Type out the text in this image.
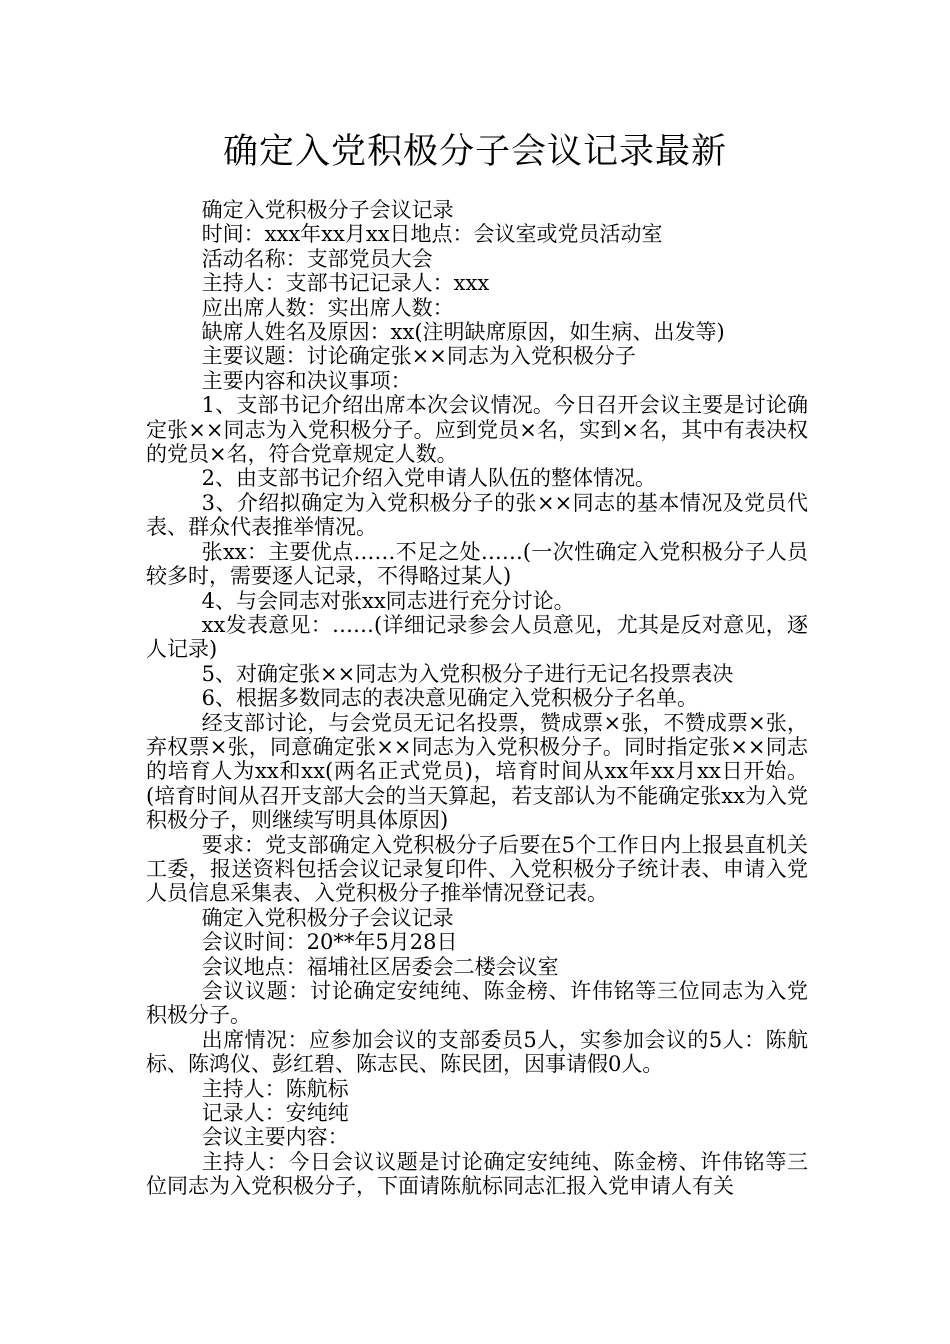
确定入党积极分子会议记录最新

确定入党积极分子会议记录

时间：xxx年xx月xx日地点：会议室或党员活动室

活动名称：支部党员大会

主持人：支部书记记录人：xxx

应出席人数：实出席人数：

缺席人姓名及原因：xx(注明缺席原因，如生病、出发等)

主要议题：讨论确定张××同志为入党积极分子

主要内容和决议事项：

1、支部书记介绍出席本次会议情况。今日召开会议主要是讨论确定张××同志为入党积极分子。应到党员×名，实到×名，其中有表决权的党员×名，符合党章规定人数。

2、由支部书记介绍入党申请人队伍的整体情况。

3、介绍拟确定为入党积极分子的张××同志的基本情况及党员代表、群众代表推举情况。

张xx：主要优点……不足之处……(一次性确定入党积极分子人员较多时，需要逐人记录，不得略过某人)

4、与会同志对张xx同志进行充分讨论。

xx发表意见：……(详细记录参会人员意见，尤其是反对意见，逐人记录)

5、对确定张××同志为入党积极分子进行无记名投票表决

6、根据多数同志的表决意见确定入党积极分子名单。

经支部讨论，与会党员无记名投票，赞成票×张，不赞成票×张，弃权票×张，同意确定张××同志为入党积极分子。同时指定张××同志的培育人为xx和xx(两名正式党员)，培育时间从xx年xx月xx日开始。(培育时间从召开支部大会的当天算起，若支部认为不能确定张xx为入党积极分子，则继续写明具体原因)

要求：党支部确定入党积极分子后要在5个工作日内上报县直机关工委，报送资料包括会议记录复印件、入党积极分子统计表、申请入党人员信息采集表、入党积极分子推举情况登记表。

确定入党积极分子会议记录

会议时间：20**年5月28日

会议地点：福埔社区居委会二楼会议室

会议议题：讨论确定安纯纯、陈金榜、许伟铭等三位同志为入党积极分子。

出席情况：应参加会议的支部委员5人，实参加会议的5人：陈航标、陈鸿仪、彭红碧、陈志民、陈民团，因事请假0人。

主持人：陈航标

记录人：安纯纯

会议主要内容：

主持人：今日会议议题是讨论确定安纯纯、陈金榜、许伟铭等三位同志为入党积极分子，下面请陈航标同志汇报入党申请人有关
